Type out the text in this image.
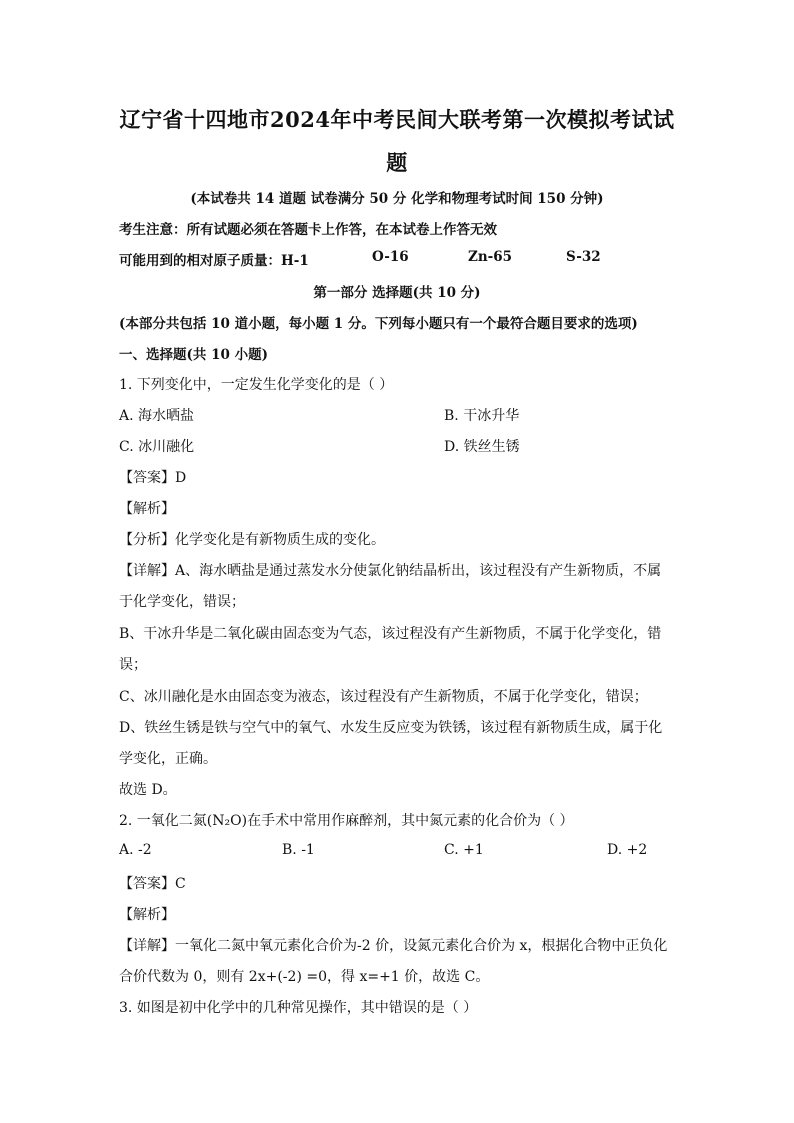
辽宁省十四地市2024年中考民间大联考第一次模拟考试试
题
(本试卷共 14 道题 试卷满分 50 分 化学和物理考试时间 150 分钟)
考生注意：所有试题必须在答题卡上作答，在本试卷上作答无效
可能用到的相对原子质量：H-1	O-16	Zn-65	S-32
第一部分 选择题(共 10 分)
(本部分共包括 10 道小题，每小题 1 分。下列每小题只有一个最符合题目要求的选项)
一、选择题(共 10 小题)
1. 下列变化中，一定发生化学变化的是（ ）
A. 海水晒盐	B. 干冰升华
C. 冰川融化	D. 铁丝生锈
【答案】D
【解析】
【分析】化学变化是有新物质生成的变化。
【详解】A、海水晒盐是通过蒸发水分使氯化钠结晶析出，该过程没有产生新物质，不属
于化学变化，错误；
B、干冰升华是二氧化碳由固态变为气态，该过程没有产生新物质，不属于化学变化，错
误；
C、冰川融化是水由固态变为液态，该过程没有产生新物质，不属于化学变化，错误；
D、铁丝生锈是铁与空气中的氧气、水发生反应变为铁锈，该过程有新物质生成，属于化
学变化，正确。
故选 D。
2. 一氧化二氮(N₂O)在手术中常用作麻醉剂，其中氮元素的化合价为（ ）
A. -2	B. -1	C. +1	D. +2
【答案】C
【解析】
【详解】一氧化二氮中氧元素化合价为-2 价，设氮元素化合价为 x，根据化合物中正负化
合价代数为 0，则有 2x+(-2) =0，得 x=+1 价，故选 C。
3. 如图是初中化学中的几种常见操作，其中错误的是（ ）
